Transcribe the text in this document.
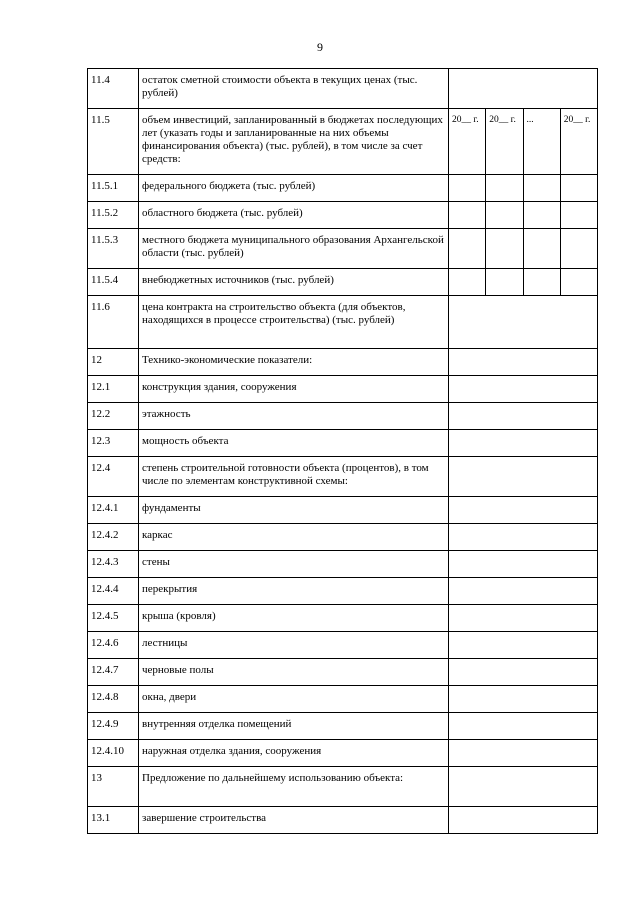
9
11.4	остаток сметной стоимости объекта в текущих ценах (тыс. рублей)				
11.5	объем инвестиций, запланированный в бюджетах последующих лет (указать годы и запланированные на них объемы финансирования объекта) (тыс. рублей), в том числе за счет средств:	20__ г.	20__ г.	...	20__ г.
11.5.1	федерального бюджета (тыс. рублей)				
11.5.2	областного бюджета (тыс. рублей)				
11.5.3	местного бюджета муниципального образования Архангельской области (тыс. рублей)				
11.5.4	внебюджетных источников (тыс. рублей)				
11.6	цена контракта на строительство объекта (для объектов, находящихся в процессе строительства) (тыс. рублей)				
12	Технико-экономические показатели:				
12.1	конструкция здания, сооружения				
12.2	этажность				
12.3	мощность объекта				
12.4	степень строительной готовности объекта (процентов), в том числе по элементам конструктивной схемы:				
12.4.1	фундаменты				
12.4.2	каркас				
12.4.3	стены				
12.4.4	перекрытия				
12.4.5	крыша (кровля)				
12.4.6	лестницы				
12.4.7	черновые полы				
12.4.8	окна, двери				
12.4.9	внутренняя отделка помещений				
12.4.10	наружная отделка здания, сооружения				
13	Предложение по дальнейшему использованию объекта:				
13.1	завершение строительства				
